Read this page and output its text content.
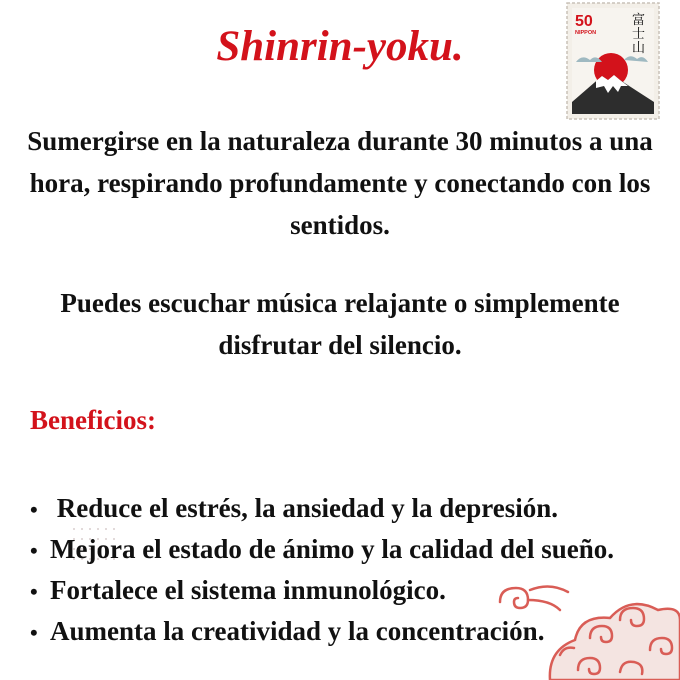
Shinrin-yoku.
50
NIPPON
富
士
山

Sumergirse en la naturaleza durante 30 minutos a una hora, respirando profundamente y conectando con los sentidos.

Puedes escuchar música relajante o simplemente disfrutar del silencio.

Beneficios:
• Reduce el estrés, la ansiedad y la depresión.
• Mejora el estado de ánimo y la calidad del sueño.
• Fortalece el sistema inmunológico.
• Aumenta la creatividad y la concentración.
